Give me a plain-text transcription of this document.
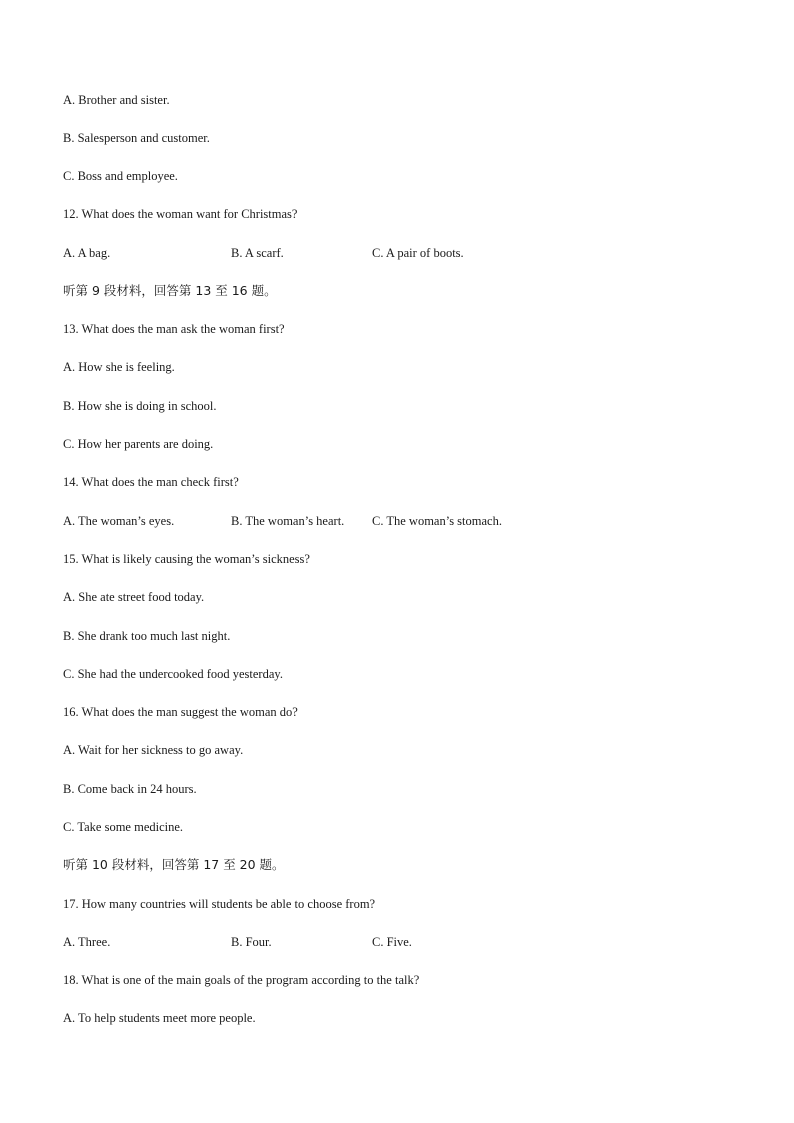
A. Brother and sister.
B. Salesperson and customer.
C. Boss and employee.
12. What does the woman want for Christmas?
A. A bag.	B. A scarf.	C. A pair of boots.
听第 9 段材料，回答第 13 至 16 题。
13. What does the man ask the woman first?
A. How she is feeling.
B. How she is doing in school.
C. How her parents are doing.
14. What does the man check first?
A. The woman’s eyes.	B. The woman’s heart. C. The woman’s stomach.
15. What is likely causing the woman’s sickness?
A. She ate street food today.
B. She drank too much last night.
C. She had the undercooked food yesterday.
16. What does the man suggest the woman do?
A. Wait for her sickness to go away.
B. Come back in 24 hours.
C. Take some medicine.
听第 10 段材料，回答第 17 至 20 题。
17. How many countries will students be able to choose from?
A. Three.	B. Four.	C. Five.
18. What is one of the main goals of the program according to the talk?
A. To help students meet more people.
